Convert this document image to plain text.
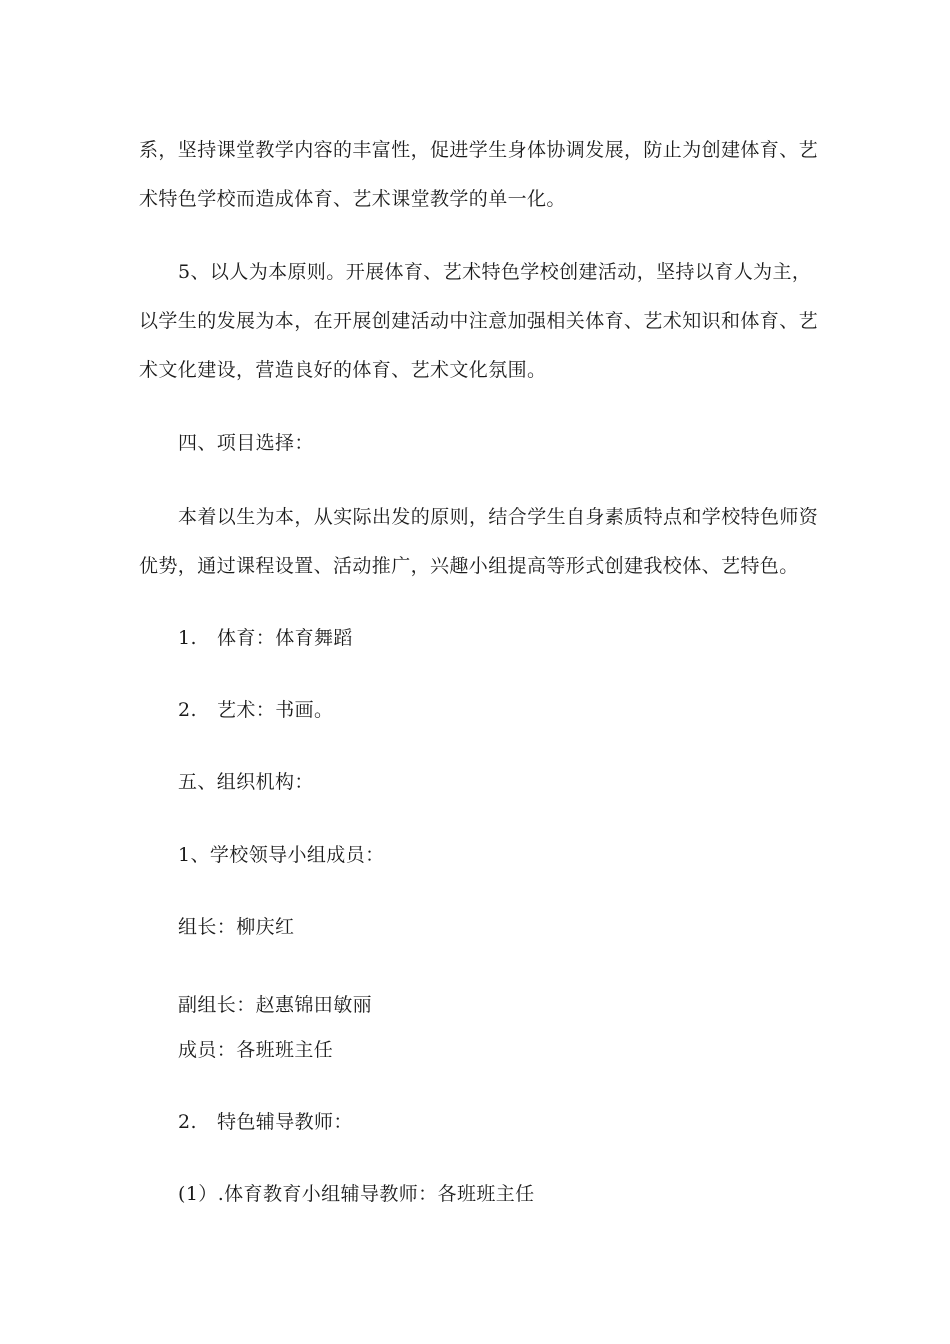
系，坚持课堂教学内容的丰富性，促进学生身体协调发展，防止为创建体育、艺
术特色学校而造成体育、艺术课堂教学的单一化。
5、以人为本原则。开展体育、艺术特色学校创建活动，坚持以育人为主，
以学生的发展为本，在开展创建活动中注意加强相关体育、艺术知识和体育、艺
术文化建设，营造良好的体育、艺术文化氛围。
四、项目选择：
本着以生为本，从实际出发的原则，结合学生自身素质特点和学校特色师资
优势，通过课程设置、活动推广，兴趣小组提高等形式创建我校体、艺特色。
1. 体育：体育舞蹈
2. 艺术：书画。
五、组织机构：
1、学校领导小组成员：
组长：柳庆红
副组长：赵惠锦田敏丽
成员：各班班主任
2. 特色辅导教师：
(1）.体育教育小组辅导教师：各班班主任
